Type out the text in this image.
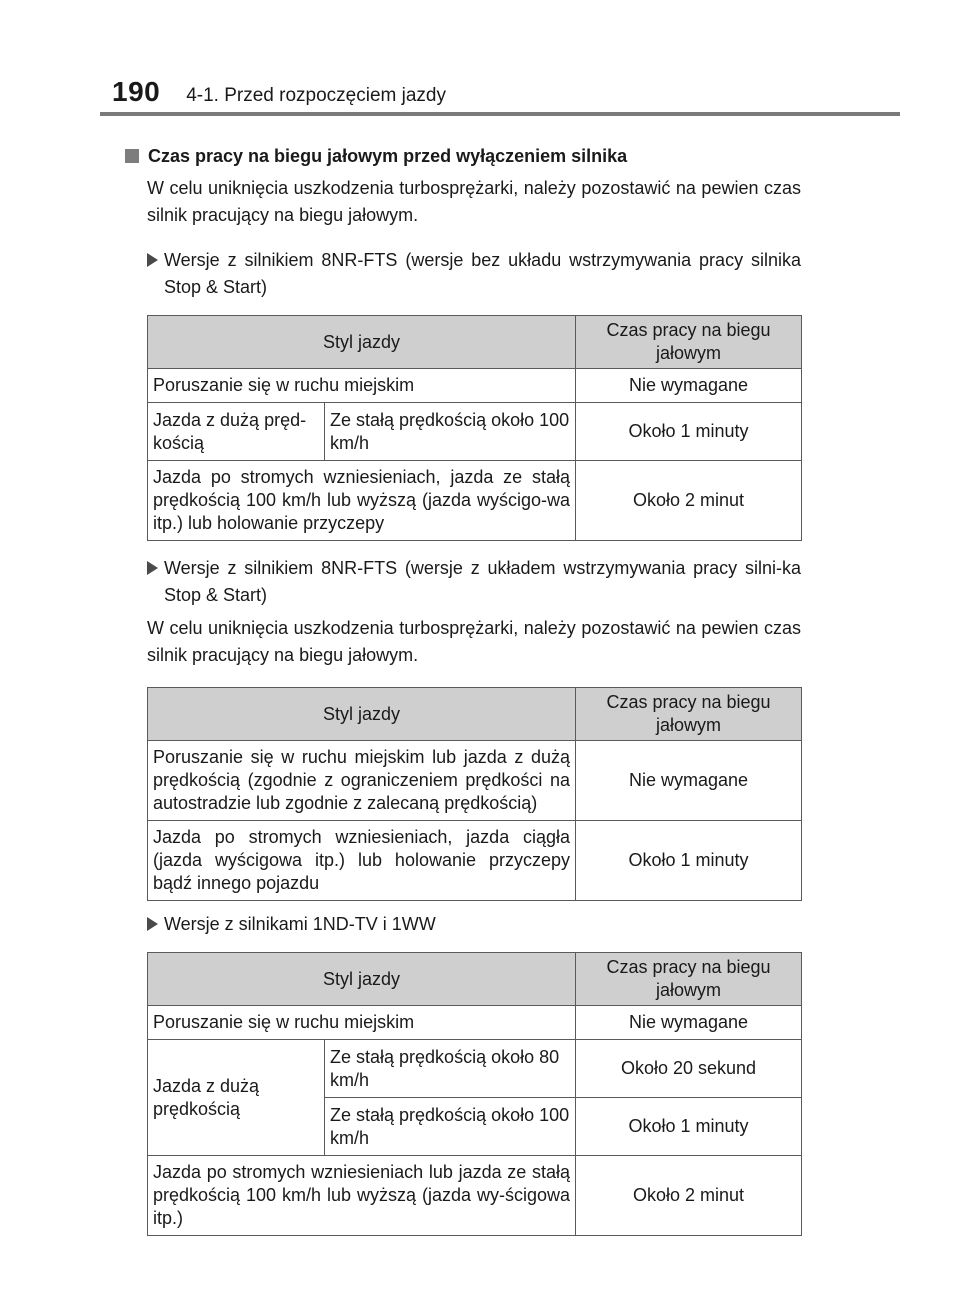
190 4-1. Przed rozpoczęciem jazdy
Czas pracy na biegu jałowym przed wyłączeniem silnika

W celu uniknięcia uszkodzenia turbosprężarki, należy pozostawić na pewien czas silnik pracujący na biegu jałowym.

Wersje z silnikiem 8NR-FTS (wersje bez układu wstrzymywania pracy silnika Stop & Start)
Styl jazdy		Czas pracy na biegu jałowym
Poruszanie się w ruchu miejskim		Nie wymagane
Jazda z dużą pręd-kością	Ze stałą prędkością około 100 km/h	Około 1 minuty
Jazda po stromych wzniesieniach, jazda ze stałą prędkością 100 km/h lub wyższą (jazda wyścigo-wa itp.) lub holowanie przyczepy		Około 2 minut
Wersje z silnikiem 8NR-FTS (wersje z układem wstrzymywania pracy silni-ka Stop & Start)

W celu uniknięcia uszkodzenia turbosprężarki, należy pozostawić na pewien czas silnik pracujący na biegu jałowym.

Styl jazdy	Czas pracy na biegu jałowym
Poruszanie się w ruchu miejskim lub jazda z dużą prędkością (zgodnie z ograniczeniem prędkości na autostradzie lub zgodnie z zalecaną prędkością)	Nie wymagane
Jazda po stromych wzniesieniach, jazda ciągła (jazda wyścigowa itp.) lub holowanie przyczepy bądź innego pojazdu	Około 1 minuty
Wersje z silnikami 1ND-TV i 1WW
Styl jazdy		Czas pracy na biegu jałowym
Poruszanie się w ruchu miejskim		Nie wymagane
Jazda z dużą prędkością	Ze stałą prędkością około 80 km/h	Około 20 sekund
	Ze stałą prędkością około 100 km/h	Około 1 minuty
Jazda po stromych wzniesieniach lub jazda ze stałą prędkością 100 km/h lub wyższą (jazda wy-ścigowa itp.)		Około 2 minut
